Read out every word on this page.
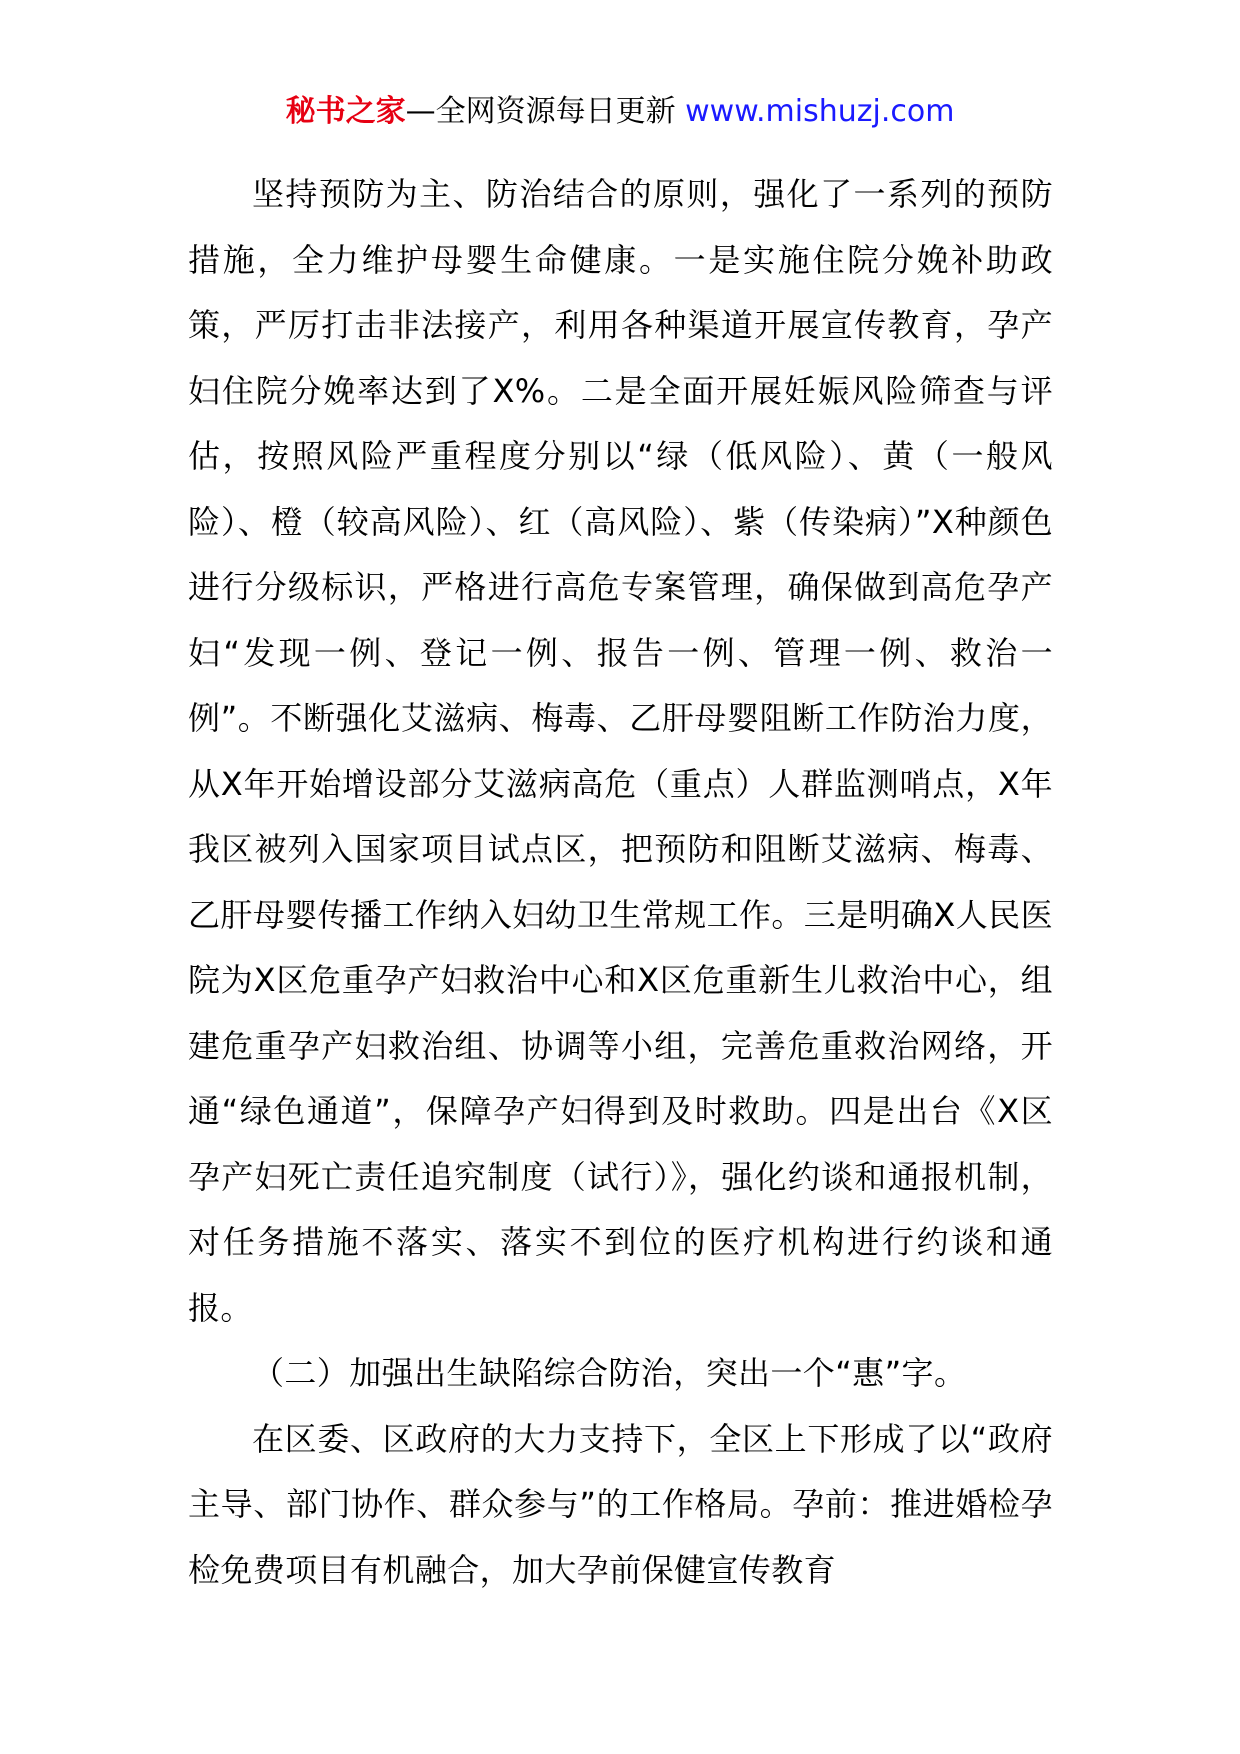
秘书之家—全网资源每日更新 www.mishuzj.com

坚持预防为主、防治结合的原则，强化了一系列的预防措施，全力维护母婴生命健康。一是实施住院分娩补助政策，严厉打击非法接产，利用各种渠道开展宣传教育，孕产妇住院分娩率达到了X%。二是全面开展妊娠风险筛查与评估，按照风险严重程度分别以“绿（低风险）、黄（一般风险）、橙（较高风险）、红（高风险）、紫（传染病）”X种颜色进行分级标识，严格进行高危专案管理，确保做到高危孕产妇“发现一例、登记一例、报告一例、管理一例、救治一例”。不断强化艾滋病、梅毒、乙肝母婴阻断工作防治力度，从X年开始增设部分艾滋病高危（重点）人群监测哨点，X年我区被列入国家项目试点区，把预防和阻断艾滋病、梅毒、乙肝母婴传播工作纳入妇幼卫生常规工作。三是明确X人民医院为X区危重孕产妇救治中心和X区危重新生儿救治中心，组建危重孕产妇救治组、协调等小组，完善危重救治网络，开通“绿色通道”，保障孕产妇得到及时救助。四是出台《X区孕产妇死亡责任追究制度（试行）》，强化约谈和通报机制，对任务措施不落实、落实不到位的医疗机构进行约谈和通报。

（二）加强出生缺陷综合防治，突出一个“惠”字。

在区委、区政府的大力支持下，全区上下形成了以“政府主导、部门协作、群众参与”的工作格局。孕前：推进婚检孕检免费项目有机融合，加大孕前保健宣传教育
